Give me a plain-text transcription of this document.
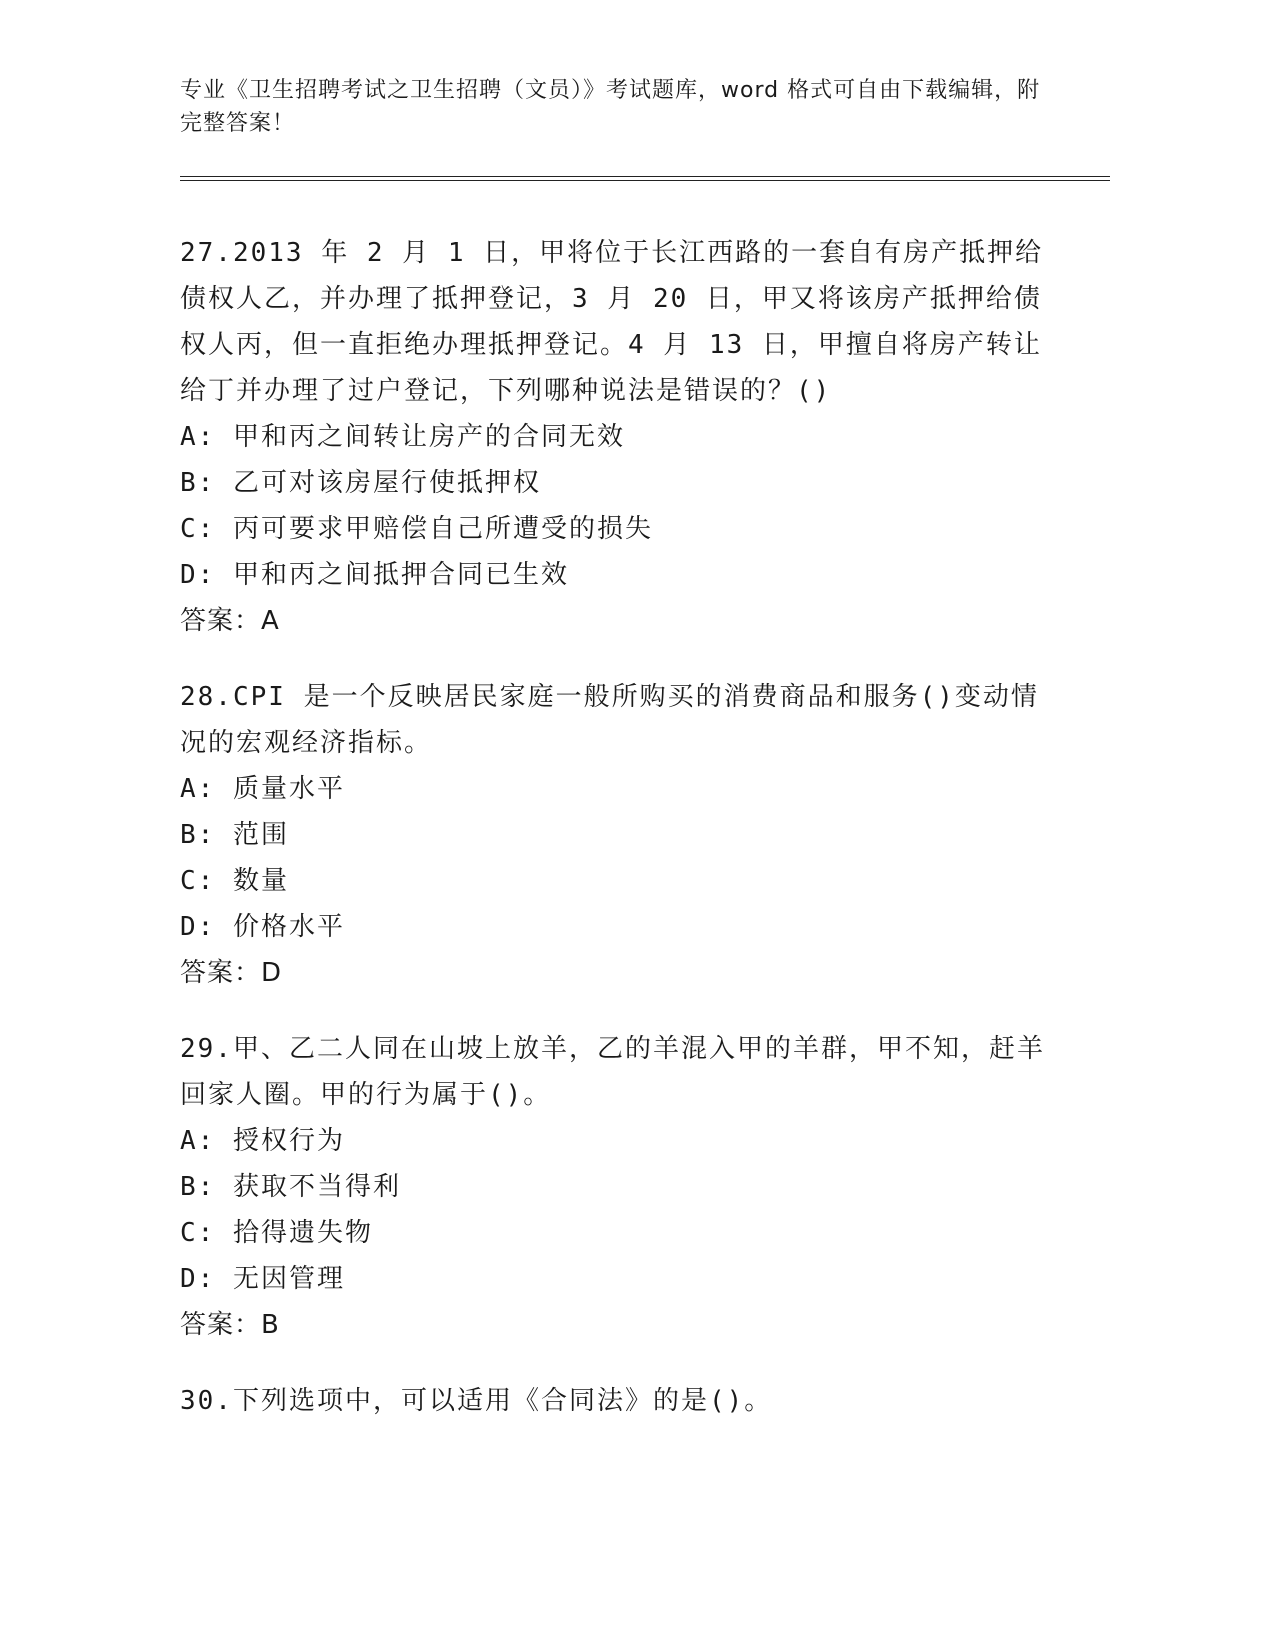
专业《卫生招聘考试之卫生招聘（文员）》考试题库，word 格式可自由下载编辑，附完整答案！

27.2013 年 2 月 1 日，甲将位于长江西路的一套自有房产抵押给债权人乙，并办理了抵押登记，3 月 20 日，甲又将该房产抵押给债权人丙，但一直拒绝办理抵押登记。4 月 13 日，甲擅自将房产转让给丁并办理了过户登记，下列哪种说法是错误的？()

A: 甲和丙之间转让房产的合同无效

B: 乙可对该房屋行使抵押权

C: 丙可要求甲赔偿自己所遭受的损失

D: 甲和丙之间抵押合同已生效

答案：A

28.CPI 是一个反映居民家庭一般所购买的消费商品和服务()变动情况的宏观经济指标。

A: 质量水平

B: 范围

C: 数量

D: 价格水平

答案：D

29.甲、乙二人同在山坡上放羊，乙的羊混入甲的羊群，甲不知，赶羊回家人圈。甲的行为属于()。

A: 授权行为

B: 获取不当得利

C: 拾得遗失物

D: 无因管理

答案：B

30.下列选项中，可以适用《合同法》的是()。
